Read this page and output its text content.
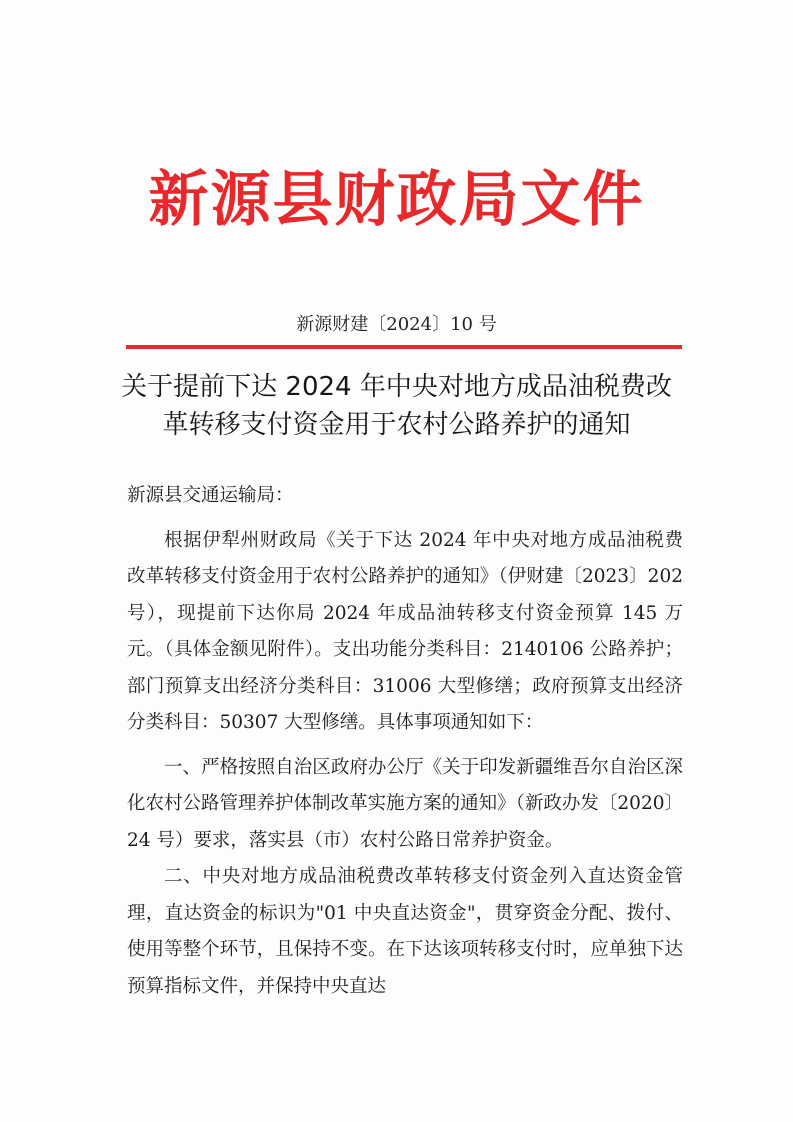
新源县财政局文件
新源财建〔2024〕10 号
关于提前下达 2024 年中央对地方成品油税费改
革转移支付资金用于农村公路养护的通知

新源县交通运输局：

根据伊犁州财政局《关于下达 2024 年中央对地方成品油税费改革转移支付资金用于农村公路养护的通知》（伊财建〔2023〕202 号），现提前下达你局 2024 年成品油转移支付资金预算 145 万元。（具体金额见附件）。支出功能分类科目：2140106 公路养护；部门预算支出经济分类科目：31006 大型修缮；政府预算支出经济分类科目：50307 大型修缮。具体事项通知如下：

一、严格按照自治区政府办公厅《关于印发新疆维吾尔自治区深化农村公路管理养护体制改革实施方案的通知》（新政办发〔2020〕24 号）要求，落实县（市）农村公路日常养护资金。

二、中央对地方成品油税费改革转移支付资金列入直达资金管理，直达资金的标识为"01 中央直达资金"，贯穿资金分配、拨付、使用等整个环节，且保持不变。在下达该项转移支付时，应单独下达预算指标文件，并保持中央直达
